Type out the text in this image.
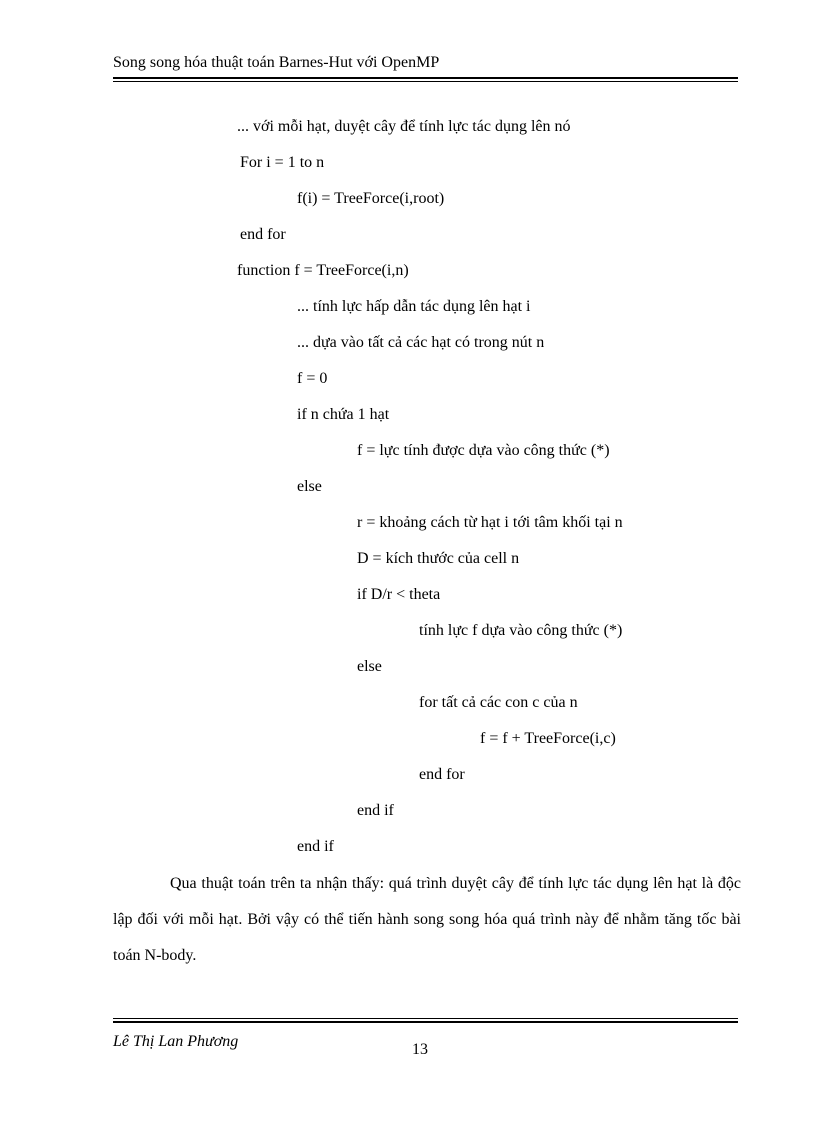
Song song hóa thuật toán Barnes-Hut với OpenMP
... với mỗi hạt, duyệt cây để tính lực tác dụng lên nó
For i = 1 to n
f(i) = TreeForce(i,root)
end for
function f = TreeForce(i,n)
... tính lực hấp dẫn tác dụng lên hạt i
... dựa vào tất cả các hạt có trong nút n
f = 0
if n chứa 1 hạt
f = lực tính được dựa vào công thức (*)
else
r = khoảng cách từ hạt i tới tâm khối tại n
D = kích thước của cell n
if D/r < theta
tính lực f dựa vào công thức (*)
else
for tất cả các con c của n
f = f + TreeForce(i,c)
end for
end if
end if

Qua thuật toán trên ta nhận thấy: quá trình duyệt cây để tính lực tác dụng lên hạt là độc lập đối với mỗi hạt. Bởi vậy có thể tiến hành song song hóa quá trình này để nhằm tăng tốc bài toán N-body.

Lê Thị Lan Phương	13
